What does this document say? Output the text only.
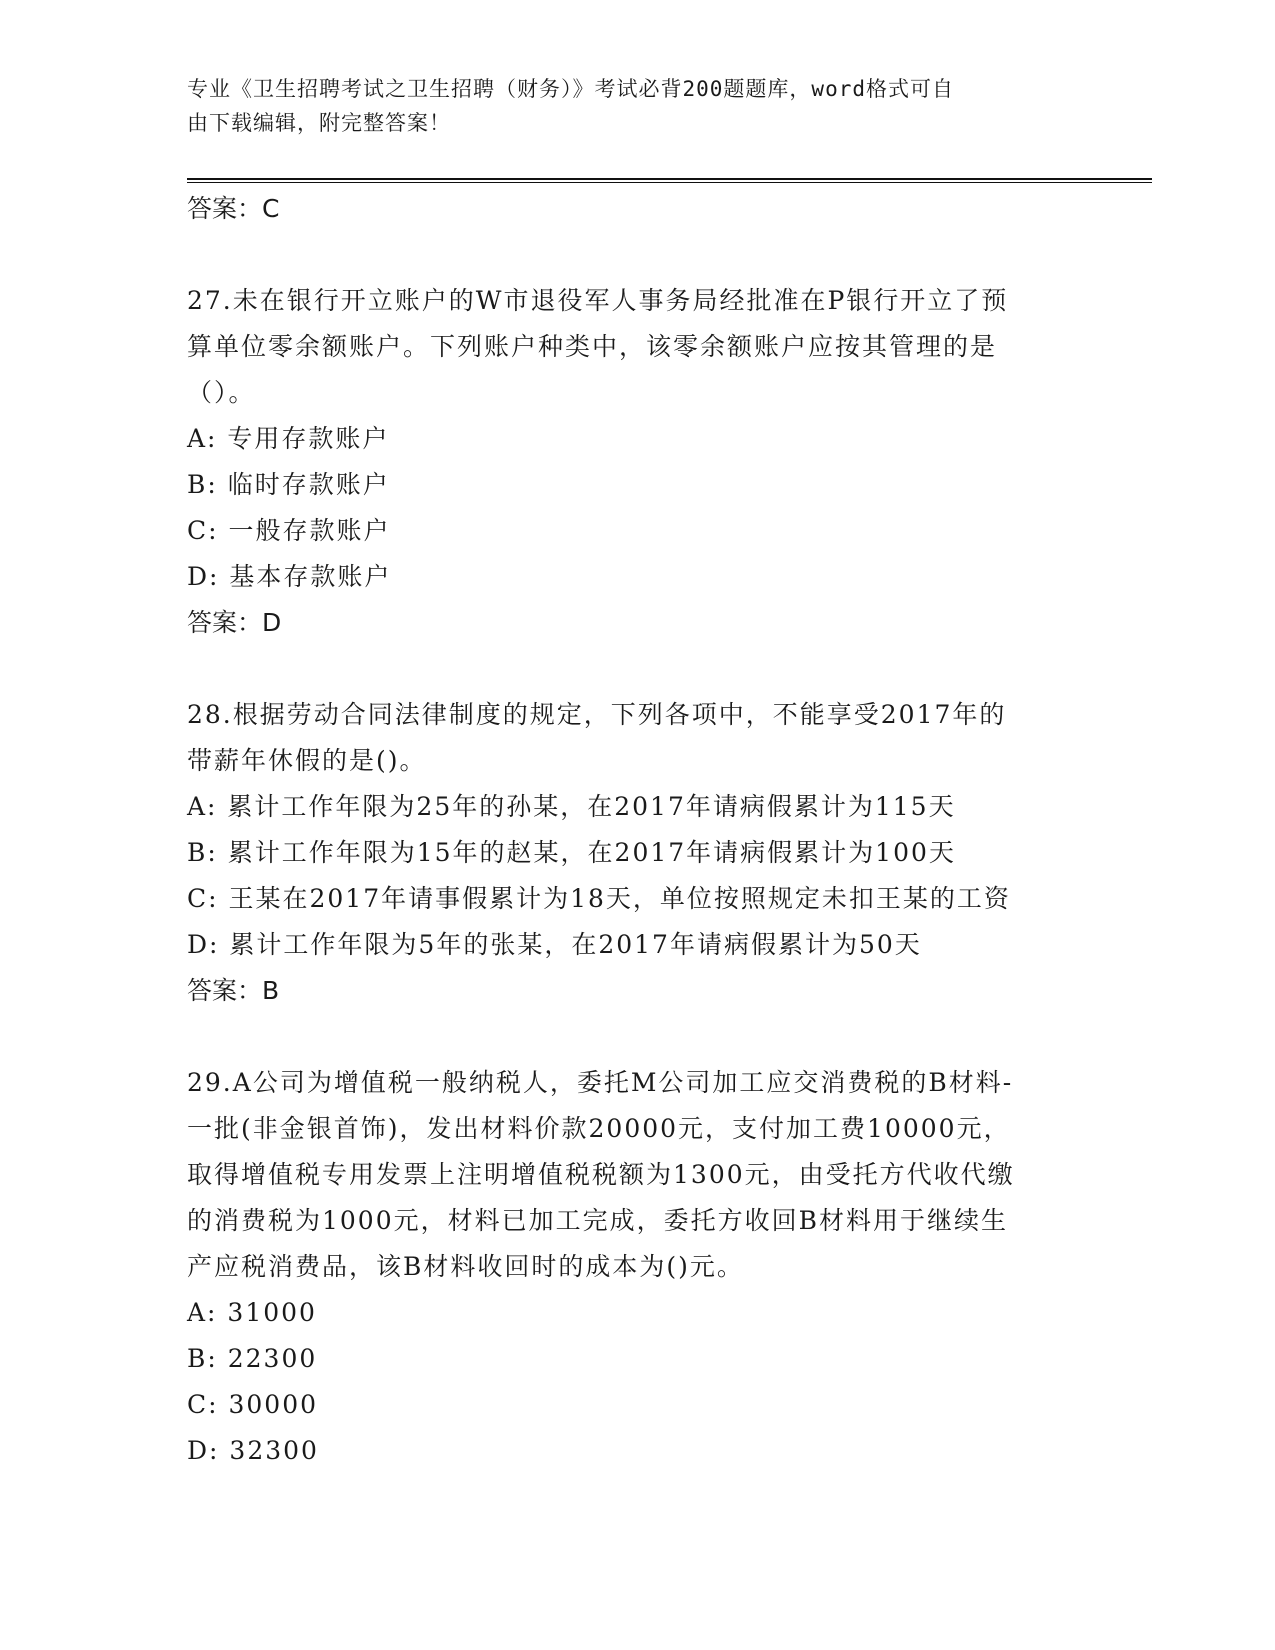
专业《卫生招聘考试之卫生招聘（财务）》考试必背200题题库，word格式可自
由下载编辑，附完整答案！
答案：C
27.未在银行开立账户的W市退役军人事务局经批准在P银行开立了预
算单位零余额账户。下列账户种类中，该零余额账户应按其管理的是
（）。
A: 专用存款账户
B: 临时存款账户
C: 一般存款账户
D: 基本存款账户
答案：D
28.根据劳动合同法律制度的规定，下列各项中，不能享受2017年的
带薪年休假的是()。
A: 累计工作年限为25年的孙某，在2017年请病假累计为115天
B: 累计工作年限为15年的赵某，在2017年请病假累计为100天
C: 王某在2017年请事假累计为18天，单位按照规定未扣王某的工资
D: 累计工作年限为5年的张某，在2017年请病假累计为50天
答案：B
29.A公司为增值税一般纳税人，委托M公司加工应交消费税的B材料-
一批(非金银首饰)，发出材料价款20000元，支付加工费10000元，
取得增值税专用发票上注明增值税税额为1300元，由受托方代收代缴
的消费税为1000元，材料已加工完成，委托方收回B材料用于继续生
产应税消费品，该B材料收回时的成本为()元。
A: 31000
B: 22300
C: 30000
D: 32300
